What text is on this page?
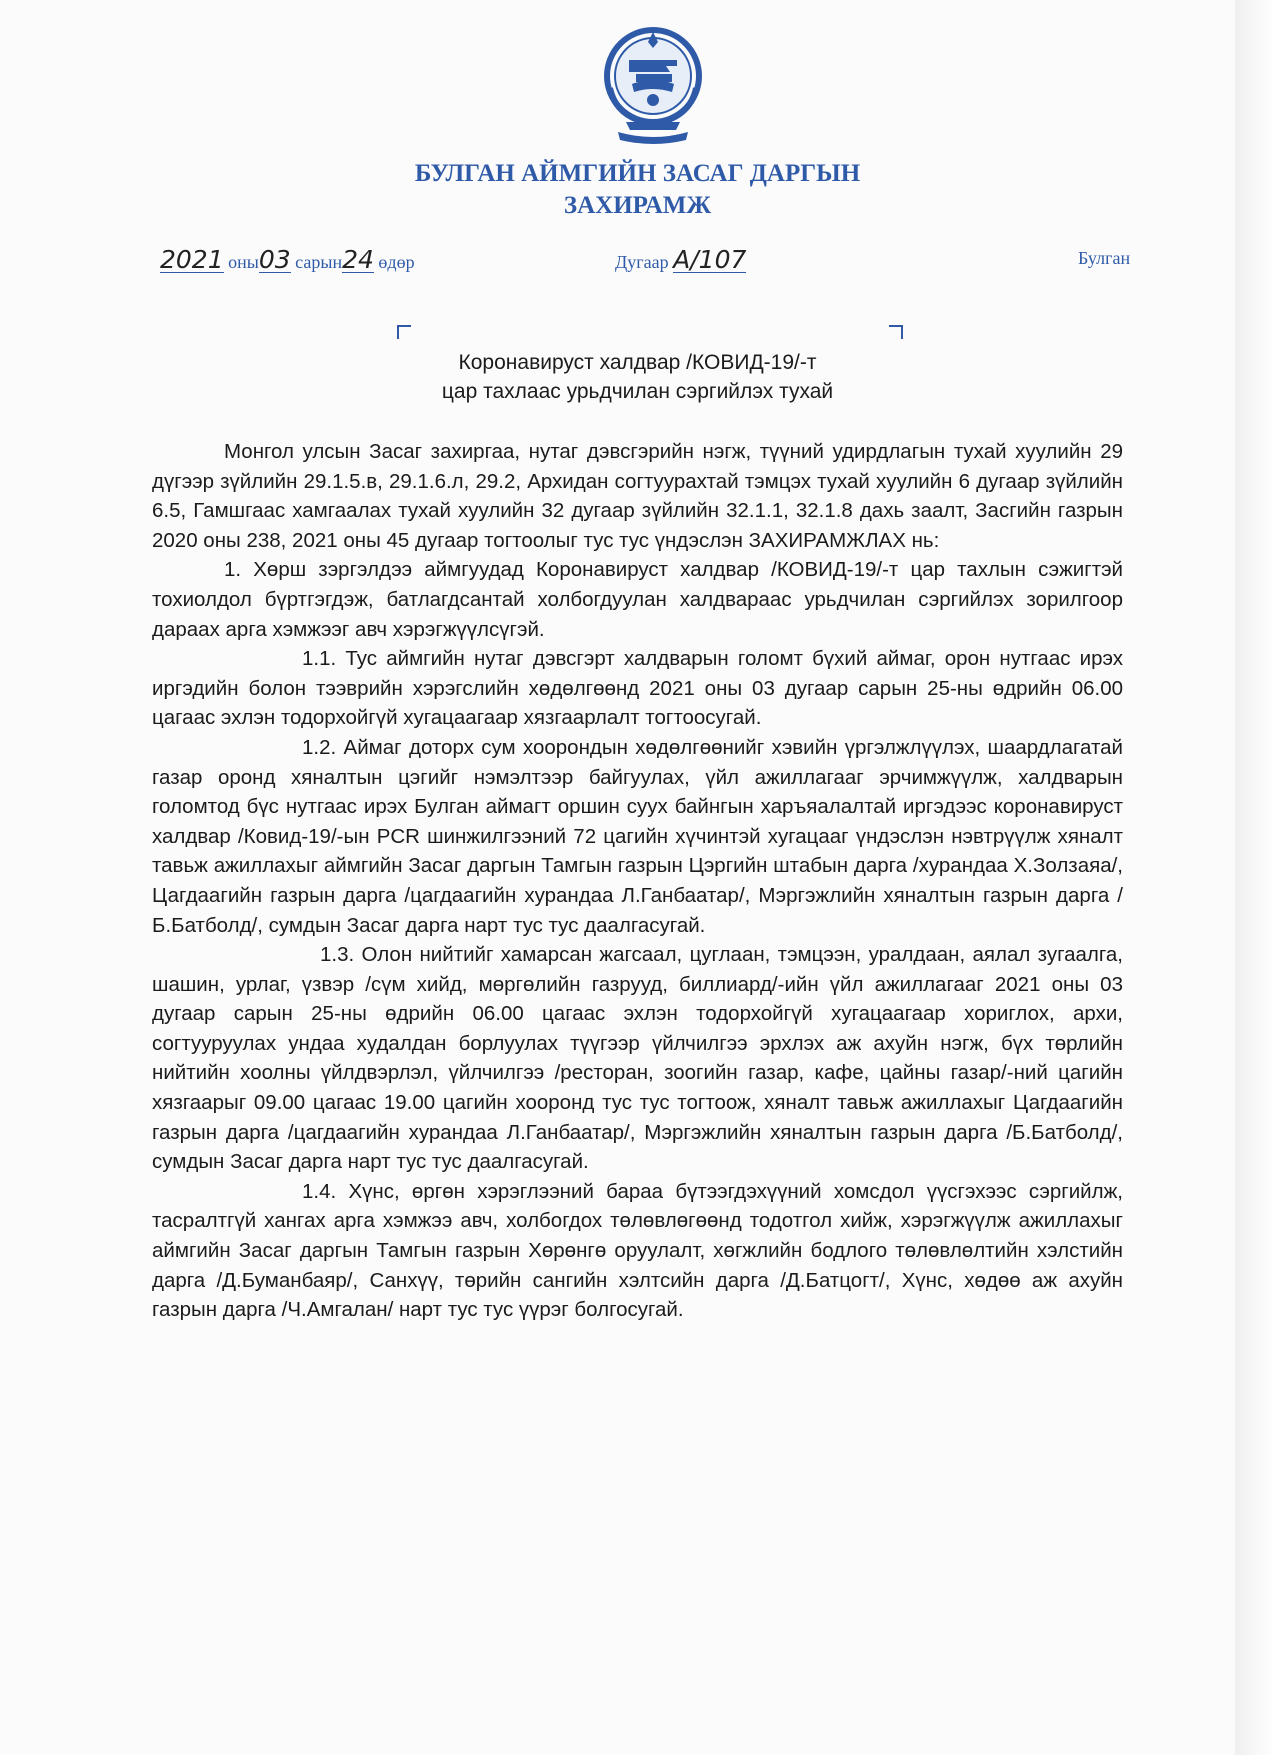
БУЛГАН АЙМГИЙН ЗАСАГ ДАРГЫН
ЗАХИРАМЖ
2021 оны03 сарын24 өдөр	Дугаар А/107	Булган
Коронавируст халдвар /КОВИД-19/-т
цар тахлаас урьдчилан сэргийлэх тухай

Монгол улсын Засаг захиргаа, нутаг дэвсгэрийн нэгж, түүний удирдлагын тухай хуулийн 29 дүгээр зүйлийн 29.1.5.в, 29.1.6.л, 29.2, Архидан согтуурахтай тэмцэх тухай хуулийн 6 дугаар зүйлийн 6.5, Гамшгаас хамгаалах тухай хуулийн 32 дугаар зүйлийн 32.1.1, 32.1.8 дахь заалт, Засгийн газрын 2020 оны 238, 2021 оны 45 дугаар тогтоолыг тус тус үндэслэн ЗАХИРАМЖЛАХ нь:

1. Хөрш зэргэлдээ аймгуудад Коронавируст халдвар /КОВИД-19/-т цар тахлын сэжигтэй тохиолдол бүртгэгдэж, батлагдсантай холбогдуулан халдвараас урьдчилан сэргийлэх зорилгоор дараах арга хэмжээг авч хэрэгжүүлсүгэй.

1.1. Тус аймгийн нутаг дэвсгэрт халдварын голомт бүхий аймаг, орон нутгаас ирэх иргэдийн болон тээврийн хэрэгслийн хөдөлгөөнд 2021 оны 03 дугаар сарын 25-ны өдрийн 06.00 цагаас эхлэн тодорхойгүй хугацаагаар хязгаарлалт тогтоосугай.

1.2. Аймаг доторх сум хоорондын хөдөлгөөнийг хэвийн үргэлжлүүлэх, шаардлагатай газар оронд хяналтын цэгийг нэмэлтээр байгуулах, үйл ажиллагааг эрчимжүүлж, халдварын голомтод бүс нутгаас ирэх Булган аймагт оршин суух байнгын харъяалалтай иргэдээс коронавируст халдвар /Ковид-19/-ын PCR шинжилгээний 72 цагийн хүчинтэй хугацааг үндэслэн нэвтрүүлж хяналт тавьж ажиллахыг аймгийн Засаг даргын Тамгын газрын Цэргийн штабын дарга /хурандаа Х.Золзаяа/, Цагдаагийн газрын дарга /цагдаагийн хурандаа Л.Ганбаатар/, Мэргэжлийн хяналтын газрын дарга /Б.Батболд/, сумдын Засаг дарга нарт тус тус даалгасугай.

1.3. Олон нийтийг хамарсан жагсаал, цуглаан, тэмцээн, уралдаан, аялал зугаалга, шашин, урлаг, үзвэр /сүм хийд, мөргөлийн газрууд, биллиард/-ийн үйл ажиллагааг 2021 оны 03 дугаар сарын 25-ны өдрийн 06.00 цагаас эхлэн тодорхойгүй хугацаагаар хориглох, архи, согтууруулах ундаа худалдан борлуулах түүгээр үйлчилгээ эрхлэх аж ахуйн нэгж, бүх төрлийн нийтийн хоолны үйлдвэрлэл, үйлчилгээ /ресторан, зоогийн газар, кафе, цайны газар/-ний цагийн хязгаарыг 09.00 цагаас 19.00 цагийн хооронд тус тус тогтоож, хяналт тавьж ажиллахыг Цагдаагийн газрын дарга /цагдаагийн хурандаа Л.Ганбаатар/, Мэргэжлийн хяналтын газрын дарга /Б.Батболд/, сумдын Засаг дарга нарт тус тус даалгасугай.

1.4. Хүнс, өргөн хэрэглээний бараа бүтээгдэхүүний хомсдол үүсгэхээс сэргийлж, тасралтгүй хангах арга хэмжээ авч, холбогдох төлөвлөгөөнд тодотгол хийж, хэрэгжүүлж ажиллахыг аймгийн Засаг даргын Тамгын газрын Хөрөнгө оруулалт, хөгжлийн бодлого төлөвлөлтийн хэлстийн дарга /Д.Буманбаяр/, Санхүү, төрийн сангийн хэлтсийн дарга /Д.Батцогт/, Хүнс, хөдөө аж ахуйн газрын дарга /Ч.Амгалан/ нарт тус тус үүрэг болгосугай.
